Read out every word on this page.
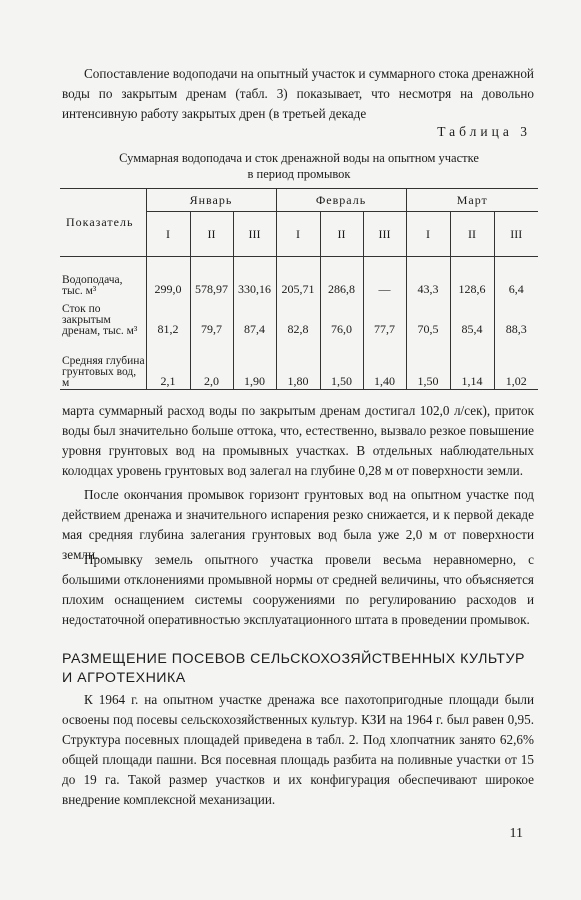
Сопоставление водоподачи на опытный участок и суммарного стока дренажной воды по закрытым дренам (табл. 3) показывает, что несмотря на довольно интенсивную работу закрытых дрен (в третьей декаде

Таблица 3
Суммарная водоподача и сток дренажной воды на опытном участке
в период промывок
Показатель	Январь			Февраль			Март		
	I	II	III	I	II	III	I	II	III
Водоподача, тыс. м³	299,0	578,97	330,16	205,71	286,8	—	43,3	128,6	6,4
Сток по закрытым дренам, тыс. м³	81,2	79,7	87,4	82,8	76,0	77,7	70,5	85,4	88,3
Средняя глубина грунтовых вод, м	2,1	2,0	1,90	1,80	1,50	1,40	1,50	1,14	1,02

марта суммарный расход воды по закрытым дренам достигал 102,0 л/сек), приток воды был значительно больше оттока, что, естественно, вызвало резкое повышение уровня грунтовых вод на промывных участках. В отдельных наблюдательных колодцах уровень грунтовых вод залегал на глубине 0,28 м от поверхности земли.

После окончания промывок горизонт грунтовых вод на опытном участке под действием дренажа и значительного испарения резко снижается, и к первой декаде мая средняя глубина залегания грунтовых вод была уже 2,0 м от поверхности земли.

Промывку земель опытного участка провели весьма неравномерно, с большими отклонениями промывной нормы от средней величины, что объясняется плохим оснащением системы сооружениями по регулированию расходов и недостаточной оперативностью эксплуатационного штата в проведении промывок.

РАЗМЕЩЕНИЕ ПОСЕВОВ СЕЛЬСКОХОЗЯЙСТВЕННЫХ КУЛЬТУР И АГРОТЕХНИКА

К 1964 г. на опытном участке дренажа все пахотопригодные площади были освоены под посевы сельскохозяйственных культур. КЗИ на 1964 г. был равен 0,95. Структура посевных площадей приведена в табл. 2. Под хлопчатник занято 62,6% общей площади пашни. Вся посевная площадь разбита на поливные участки от 15 до 19 га. Такой размер участков и их конфигурация обеспечивают широкое внедрение комплексной механизации.

11
